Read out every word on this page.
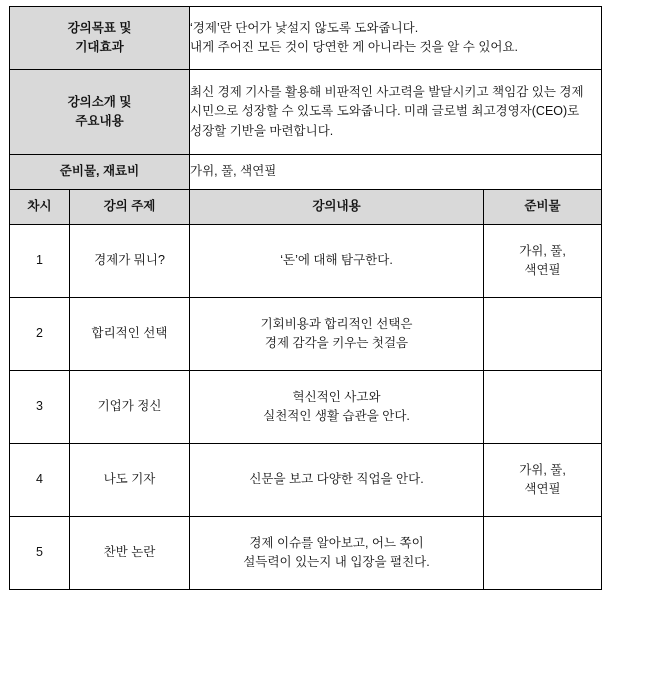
강의목표 및
기대효과		‘경제’란 단어가 낯설지 않도록 도와줍니다.
내게 주어진 모든 것이 당연한 게 아니라는 것을 알 수 있어요.	

강의소개 및
주요내용		최신 경제 기사를 활용해 비판적인 사고력을 발달시키고 책임감 있는 경제
시민으로 성장할 수 있도록 도와줍니다. 미래 글로벌 최고경영자(CEO)로
성장할 기반을 마련합니다.	

준비물, 재료비		가위, 풀, 색연필	

차시	강의 주제	강의내용	준비물
1	경제가 뭐니?	‘돈’에 대해 탐구한다.	가위, 풀,
색연필

2	합리적인 선택	기회비용과 합리적인 선택은
경제 감각을 키우는 첫걸음	

3	기업가 정신	혁신적인 사고와
실천적인 생활 습관을 안다.	

4	나도 기자	신문을 보고 다양한 직업을 안다.	가위, 풀,
색연필

5	찬반 논란	경제 이슈를 알아보고, 어느 쪽이
설득력이 있는지 내 입장을 펼친다.	
